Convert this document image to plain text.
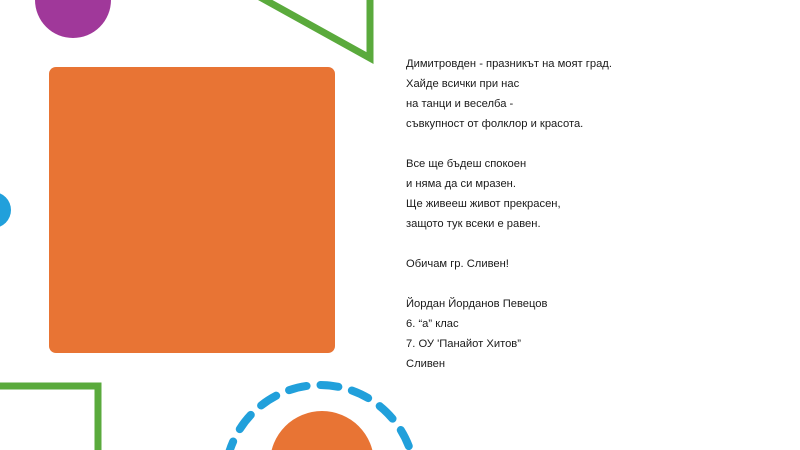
Димитровден - празникът на моят град.
Хайде всички при нас
на танци и веселба -
съвкупност от фолклор и красота.
Все ще бъдеш спокоен
и няма да си мразен.
Ще живееш живот прекрасен,
защото тук всеки е равен.
Обичам гр. Сливен!
Йордан Йорданов Певецов
6. “а” клас
7. ОУ 'Панайот Хитов”
Сливен
